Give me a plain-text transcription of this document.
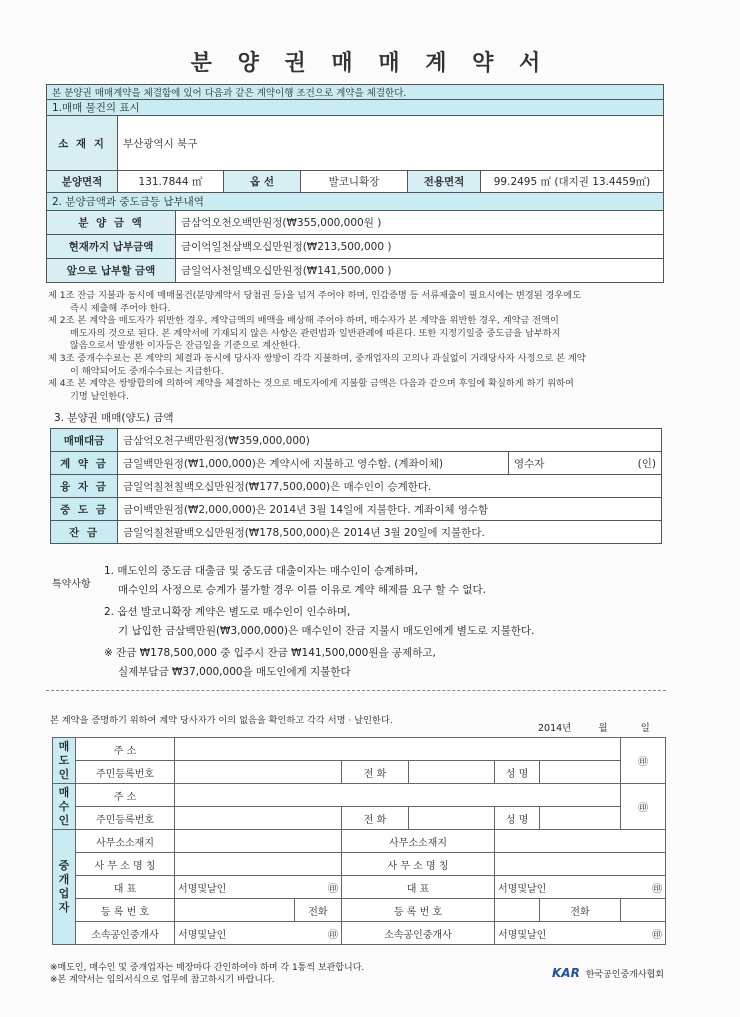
분 양 권 매 매 계 약 서
본 분양권 매매계약을 체결함에 있어 다음과 같은 계약이행 조건으로 계약을 체결한다.					
1.매매 물건의 표시					
소 재 지	부산광역시 북구				
분양면적	131.7844 ㎡	옵 선	발코니확장	전용면적	99.2495 ㎡ (대지권 13.4459㎡)
2. 분양금액과 중도금등 납부내역	
분 양 금 액	금삼억오천오백만원정(₩355,000,000원 )
현재까지 납부금액	금이억일천삼백오십만원정(₩213,500,000 )
앞으로 납부할 금액	금일억사천일백오십만원정(₩141,500,000 )
제 1조 잔금 지불과 동시에 매매물건(분양계약서 당첨권 등)을 넘겨 주어야 하며, 인감증명 등 서류제출이 필요시에는 변경된 경우에도
즉시 제출해 주어야 한다.
제 2조 본 계약을 매도자가 위반한 경우, 계약금액의 배액을 배상해 주어야 하며, 매수자가 본 계약을 위반한 경우, 계약금 전액이
매도자의 것으로 된다. 본 계약서에 기재되지 않은 사항은 관련법과 일반관례에 따른다. 또한 지정기일중 중도금을 납부하지
않음으로서 발생한 이자등은 잔금일을 기준으로 계산한다.
제 3조 중개수수료는 본 계약의 체결과 동시에 당사자 쌍방이 각각 지불하며, 중개업자의 고의나 과실없이 거래당사자 사정으로 본 계약
이 해약되어도 중개수수료는 지급한다.
제 4조 본 계약은 쌍방합의에 의하여 계약을 체결하는 것으로 매도자에게 지불할 금액은 다음과 같으며 후일에 확실하게 하기 위하여
기명 날인한다.
3. 분양권 매매(양도) 금액
매매대금	금삼억오천구백만원정(₩359,000,000)	
계 약 금	금일백만원정(₩1,000,000)은 계약시에 지불하고 영수함. (계좌이체)	영수자 (인)

융 자 금	금일억칠천칠백오십만원정(₩177,500,000)은 매수인이 승계한다.	
중 도 금	금이백만원정(₩2,000,000)은 2014년 3월 14일에 지불한다. 계좌이체 영수함	
잔 금	금일억칠천팔백오십만원정(₩178,500,000)은 2014년 3월 20일에 지불한다.	
특약사항
1. 매도인의 중도금 대출금 및 중도금 대출이자는 매수인이 승계하며,
매수인의 사정으로 승계가 불가할 경우 이를 이유로 계약 해제를 요구 할 수 없다.
2. 옵션 발코니확장 계약은 별도로 매수인이 인수하며,
기 납입한 금삼백만원(₩3,000,000)은 매수인이 잔금 지불시 매도인에게 별도로 지불한다.
※ 잔금 ₩178,500,000 중 입주시 잔금 ₩141,500,000원을 공제하고,
실제부담금 ₩37,000,000을 매도인에게 지불한다
본 계약을 증명하기 위하여 계약 당사자가 이의 없음을 확인하고 각각 서명 · 날인한다.
2014년	월	일
매
도
인	주 소							㊞
	주민등록번호			전 화		성 명		
매
수
인	주 소							㊞
	주민등록번호			전 화		성 명		
중
개
업
자	사무소소재지			사무소소재지				
	사 무 소 명 칭			사 무 소 명 칭				
	대 표	서명및날인 ㊞		대 표		서명및날인 ㊞		

	등 록 번 호		전화	등 록 번 호			전화	
	소속공인중개사	서명및날인 ㊞		소속공인중개사		서명및날인 ㊞		
※매도인, 매수인 및 중개업자는 매장마다 간인하여야 하며 각 1통씩 보관합니다.
※본 계약서는 임의서식으로 업무에 참고하시기 바랍니다.	KAR 한국공인중개사협회
